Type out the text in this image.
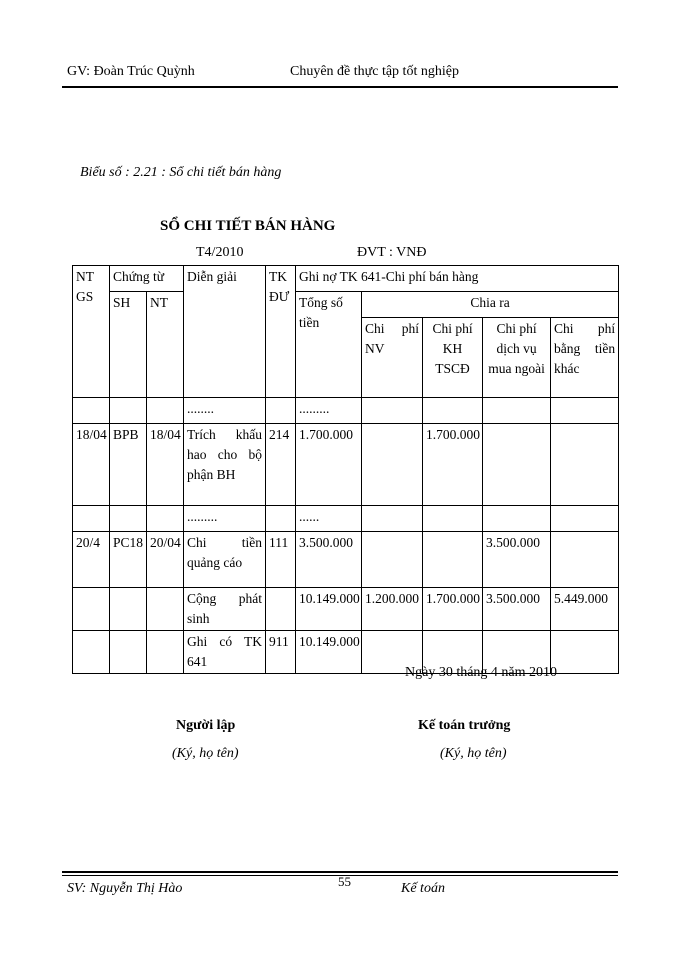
GV: Đoàn Trúc Quỳnh	Chuyên đề thực tập tốt nghiệp
Biểu số : 2.21 : Sổ chi tiết bán hàng
SỔ CHI TIẾT BÁN HÀNG
T4/2010	ĐVT : VNĐ
NT GS	Chứng từ		Diễn giải	TK ĐƯ	Ghi nợ TK 641-Chi phí bán hàng				
	SH	NT			Tổng số tiền	Chia ra			
						Chi phí NV	Chi phí KH TSCĐ	Chi phí dịch vụ mua ngoài	Chi phí bằng tiền khác
			........		.........				
18/04	BPB	18/04	Trích khấu hao cho bộ phận BH	214	1.700.000		1.700.000		
			.........		......				
20/4	PC18	20/04	Chi tiền quảng cáo	111	3.500.000			3.500.000	
			Cộng phát sinh		10.149.000	1.200.000	1.700.000	3.500.000	5.449.000
			Ghi có TK 641	911	10.149.000				
Ngày 30 tháng 4 năm 2010
Người lập
(Ký, họ tên)
Kế toán trưởng
(Ký, họ tên)
SV: Nguyễn Thị Hào	55	Kế toán
